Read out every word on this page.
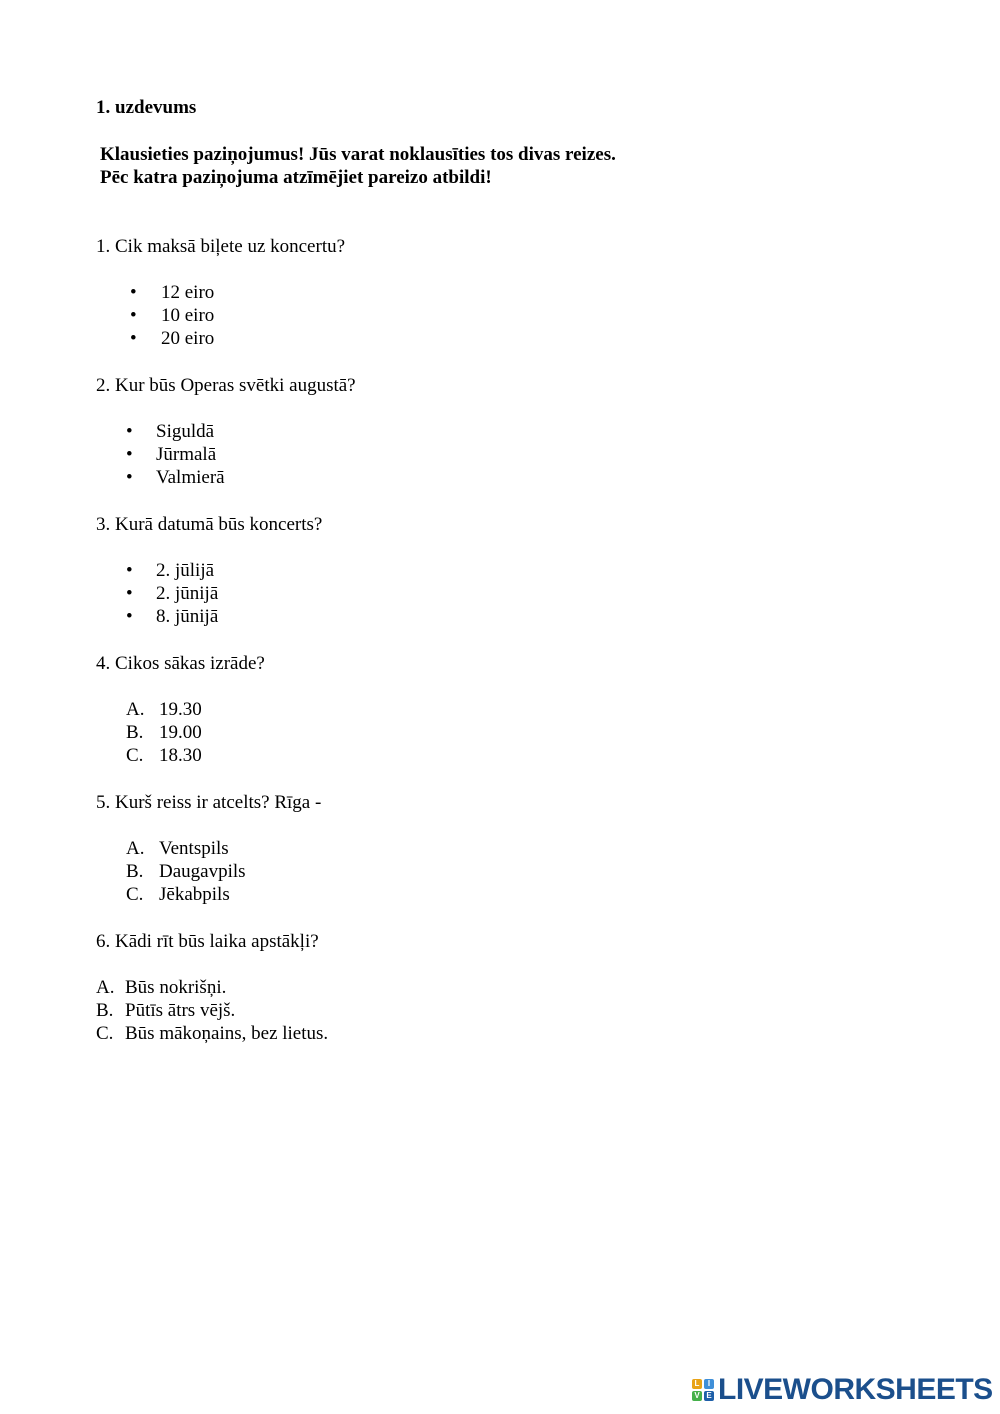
1. uzdevums
Klausieties paziņojumus! Jūs varat noklausīties tos divas reizes.
Pēc katra paziņojuma atzīmējiet pareizo atbildi!
1. Cik maksā biļete uz koncertu?
• 12 eiro
• 10 eiro
• 20 eiro
2. Kur būs Operas svētki augustā?
• Siguldā
• Jūrmalā
• Valmierā
3. Kurā datumā būs koncerts?
• 2. jūlijā
• 2. jūnijā
• 8. jūnijā
4. Cikos sākas izrāde?
A. 19.30
B. 19.00
C. 18.30
5. Kurš reiss ir atcelts? Rīga -
A. Ventspils
B. Daugavpils
C. Jēkabpils
6. Kādi rīt būs laika apstākļi?
A. Būs nokrišņi.
B. Pūtīs ātrs vējš.
C. Būs mākoņains, bez lietus.
L	I
V E LIVEWORKSHEETS
